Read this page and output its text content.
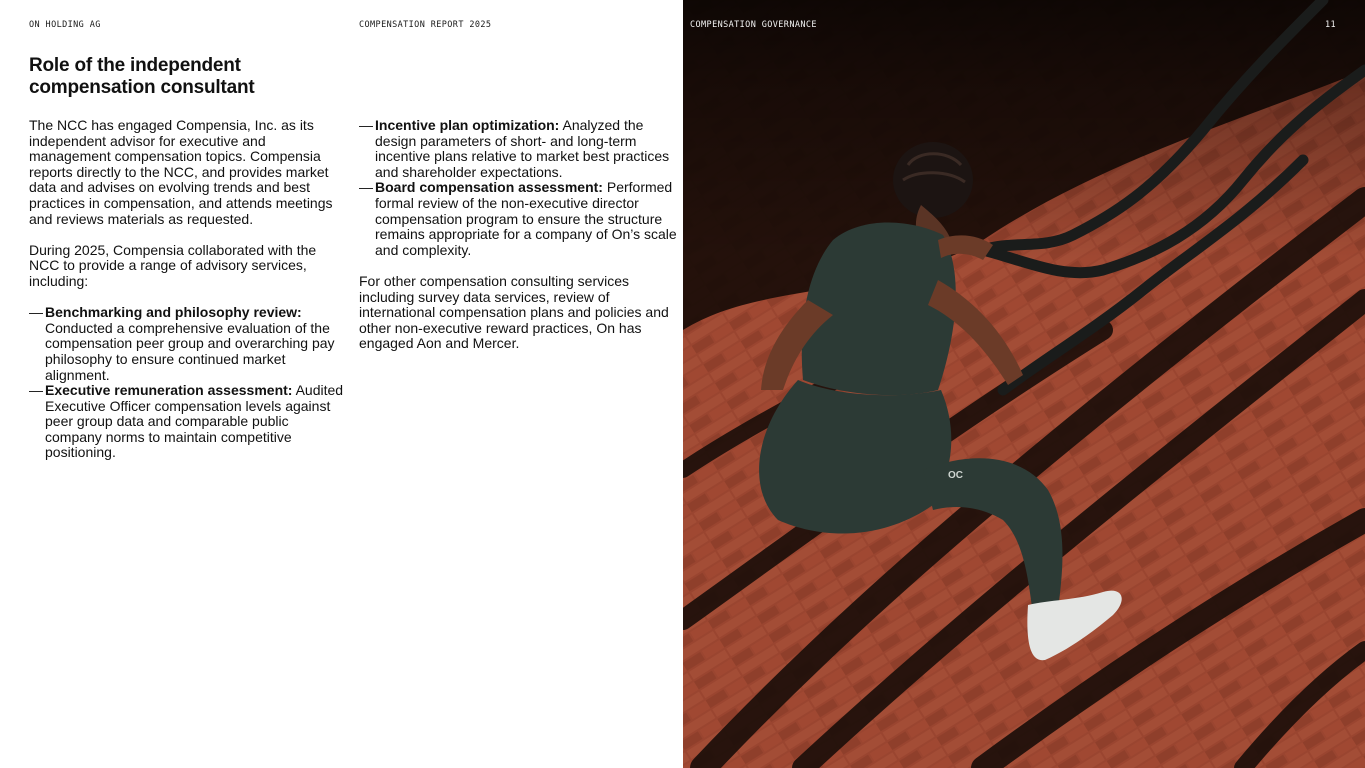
ON HOLDING AG	COMPENSATION REPORT 2025
Role of the independent compensation consultant

The NCC has engaged Compensia, Inc. as its independent advisor for executive and management compensation topics. Compensia reports directly to the NCC, and provides market data and advises on evolving trends and best practices in compensation, and attends meetings and reviews materials as requested.

During 2025, Compensia collaborated with the NCC to provide a range of advisory services, including:

— Benchmarking and philosophy review: Conducted a comprehensive evaluation of the compensation peer group and overarching pay philosophy to ensure continued market alignment.
— Executive remuneration assessment: Audited Executive Officer compensation levels against peer group data and comparable public company norms to maintain competitive positioning.
— Incentive plan optimization: Analyzed the design parameters of short- and long-term incentive plans relative to market best practices and shareholder expectations.
— Board compensation assessment: Performed formal review of the non-executive director compensation program to ensure the structure remains appropriate for a company of On’s scale and complexity.

For other compensation consulting services including survey data services, review of international compensation plans and policies and other non-executive reward practices, On has engaged Aon and Mercer.

OC
COMPENSATION GOVERNANCE	11
